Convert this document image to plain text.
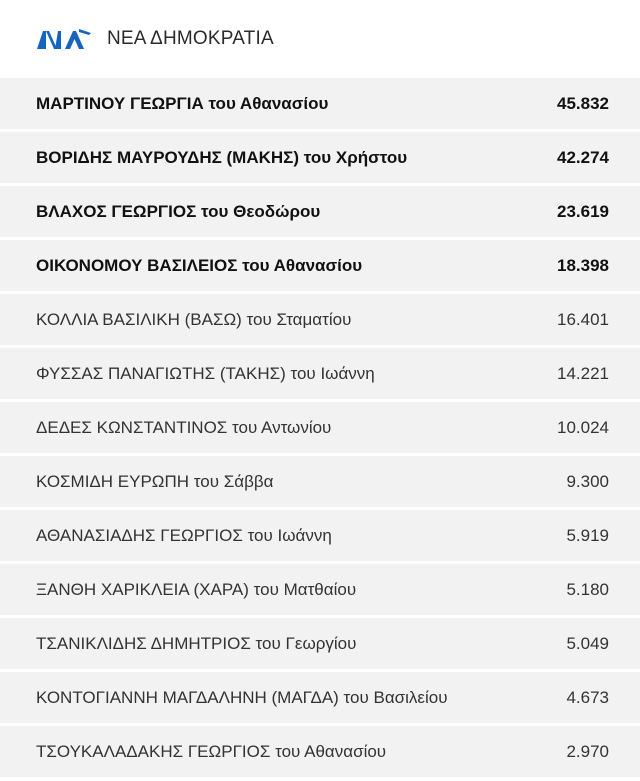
ΝΕΑ ΔΗΜΟΚΡΑΤΙΑ
ΜΑΡΤΙΝΟΥ ΓΕΩΡΓΙΑ του Αθανασίου	45.832
ΒΟΡΙΔΗΣ ΜΑΥΡΟΥΔΗΣ (ΜΑΚΗΣ) του Χρήστου	42.274
ΒΛΑΧΟΣ ΓΕΩΡΓΙΟΣ του Θεοδώρου	23.619
ΟΙΚΟΝΟΜΟΥ ΒΑΣΙΛΕΙΟΣ του Αθανασίου	18.398
ΚΟΛΛΙΑ ΒΑΣΙΛΙΚΗ (ΒΑΣΩ) του Σταματίου	16.401
ΦΥΣΣΑΣ ΠΑΝΑΓΙΩΤΗΣ (ΤΑΚΗΣ) του Ιωάννη	14.221
ΔΕΔΕΣ ΚΩΝΣΤΑΝΤΙΝΟΣ του Αντωνίου	10.024
ΚΟΣΜΙΔΗ ΕΥΡΩΠΗ του Σάββα	9.300
ΑΘΑΝΑΣΙΑΔΗΣ ΓΕΩΡΓΙΟΣ του Ιωάννη	5.919
ΞΑΝΘΗ ΧΑΡΙΚΛΕΙΑ (ΧΑΡΑ) του Ματθαίου	5.180
ΤΣΑΝΙΚΛΙΔΗΣ ΔΗΜΗΤΡΙΟΣ του Γεωργίου	5.049
ΚΟΝΤΟΓΙΑΝΝΗ ΜΑΓΔΑΛΗΝΗ (ΜΑΓΔΑ) του Βασιλείου	4.673
ΤΣΟΥΚΑΛΑΔΑΚΗΣ ΓΕΩΡΓΙΟΣ του Αθανασίου	2.970
